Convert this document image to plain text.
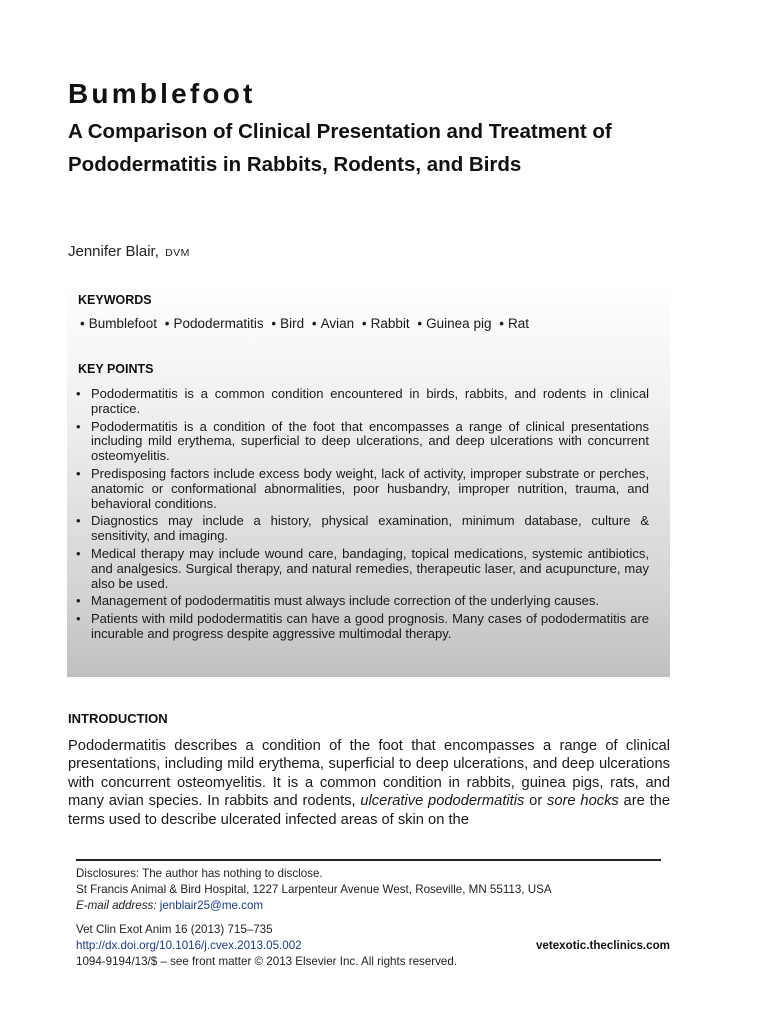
Bumblefoot
A Comparison of Clinical Presentation and Treatment of Pododermatitis in Rabbits, Rodents, and Birds
Jennifer Blair, DVM
KEYWORDS
• Bumblefoot • Pododermatitis • Bird • Avian • Rabbit • Guinea pig • Rat
KEY POINTS
• Pododermatitis is a common condition encountered in birds, rabbits, and rodents in clinical practice.
• Pododermatitis is a condition of the foot that encompasses a range of clinical presentations including mild erythema, superficial to deep ulcerations, and deep ulcerations with concurrent osteomyelitis.
• Predisposing factors include excess body weight, lack of activity, improper substrate or perches, anatomic or conformational abnormalities, poor husbandry, improper nutrition, trauma, and behavioral conditions.
• Diagnostics may include a history, physical examination, minimum database, culture & sensitivity, and imaging.
• Medical therapy may include wound care, bandaging, topical medications, systemic antibiotics, and analgesics. Surgical therapy, and natural remedies, therapeutic laser, and acupuncture, may also be used.
• Management of pododermatitis must always include correction of the underlying causes.
• Patients with mild pododermatitis can have a good prognosis. Many cases of pododermatitis are incurable and progress despite aggressive multimodal therapy.
INTRODUCTION

Pododermatitis describes a condition of the foot that encompasses a range of clinical presentations, including mild erythema, superficial to deep ulcerations, and deep ulcerations with concurrent osteomyelitis. It is a common condition in rabbits, guinea pigs, rats, and many avian species. In rabbits and rodents, ulcerative pododermatitis or sore hocks are the terms used to describe ulcerated infected areas of skin on the

Disclosures: The author has nothing to disclose.
St Francis Animal & Bird Hospital, 1227 Larpenteur Avenue West, Roseville, MN 55113, USA
E-mail address: jenblair25@me.com
Vet Clin Exot Anim 16 (2013) 715–735
http://dx.doi.org/10.1016/j.cvex.2013.05.002	vetexotic.theclinics.com
1094-9194/13/$ – see front matter © 2013 Elsevier Inc. All rights reserved.
